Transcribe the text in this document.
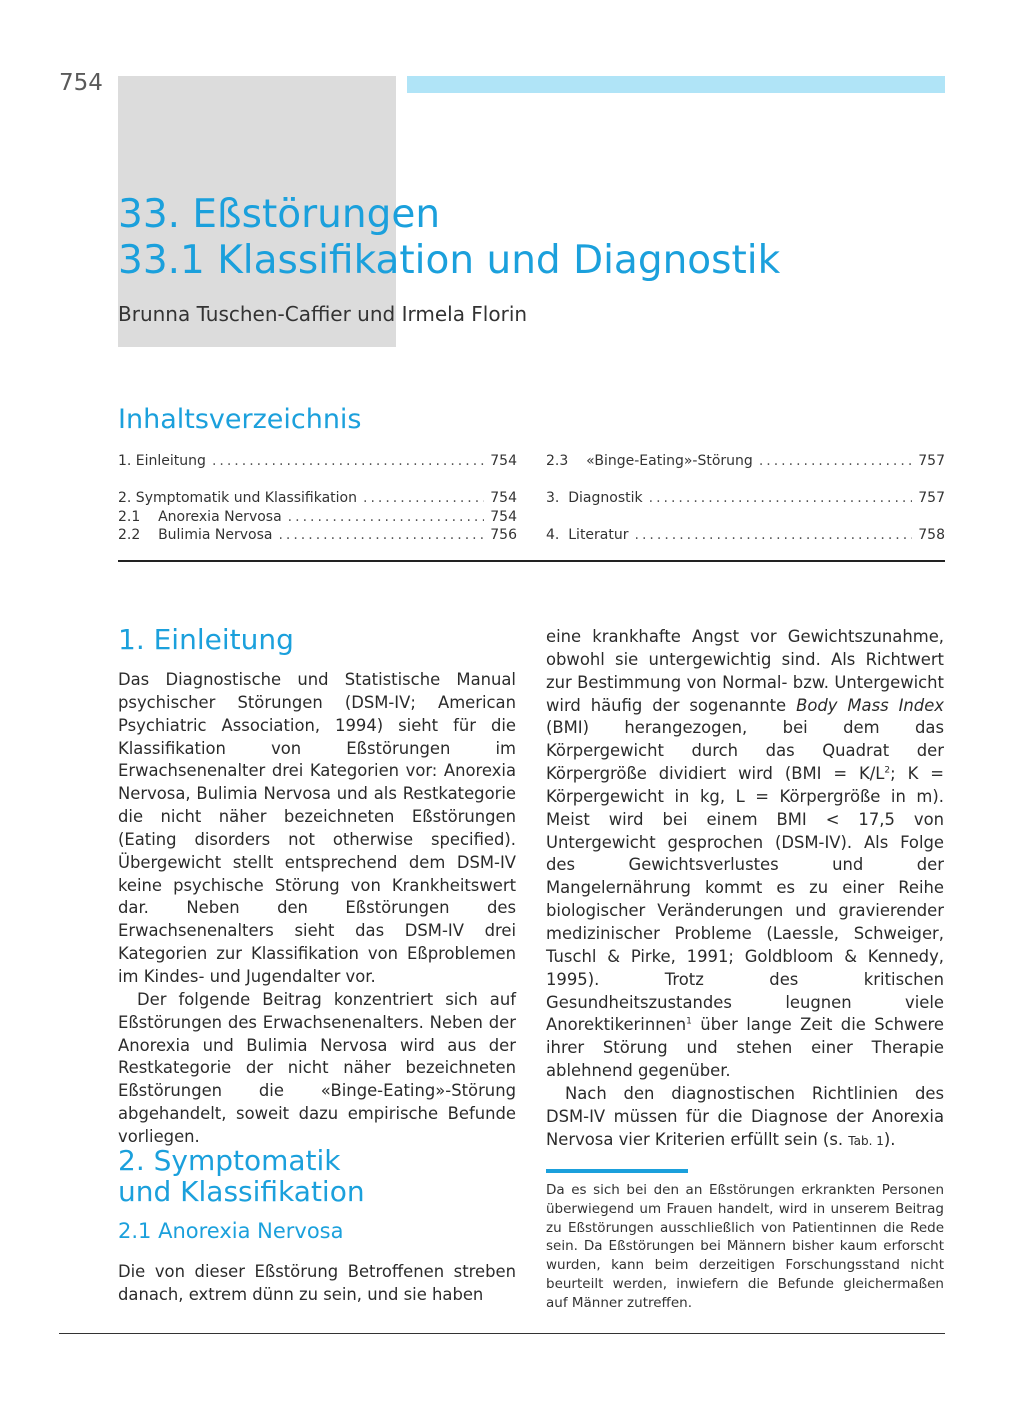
754
33. Eßstörungen
33.1 Klassifikation und Diagnostik
Brunna Tuschen-Caffier und Irmela Florin
Inhaltsverzeichnis
1. Einleitung .....	754
2. Symptomatik und Klassifikation .....	754
2.1    Anorexia Nervosa .....	754
2.2    Bulimia Nervosa .....	756
2.3    «Binge-Eating»-Störung .....	757
3.  Diagnostik .....	757
4.  Literatur .....	758
1. Einleitung

Das Diagnostische und Statistische Manual psychischer Störungen (DSM-IV; American Psychiatric Association, 1994) sieht für die Klassifikation von Eßstörungen im Erwachsenenalter drei Kategorien vor: Anorexia Nervosa, Bulimia Nervosa und als Restkategorie die nicht näher bezeichneten Eßstörungen (Eating disorders not otherwise specified). Übergewicht stellt entsprechend dem DSM-IV keine psychische Störung von Krankheitswert dar. Neben den Eßstörungen des Erwachsenenalters sieht das DSM-IV drei Kategorien zur Klassifikation von Eßproblemen im Kindes- und Jugendalter vor.

Der folgende Beitrag konzentriert sich auf Eßstörungen des Erwachsenenalters. Neben der Anorexia und Bulimia Nervosa wird aus der Restkategorie der nicht näher bezeichneten Eßstörungen die «Binge-Eating»-Störung abgehandelt, soweit dazu empirische Befunde vorliegen.

2. Symptomatik
und Klassifikation
2.1 Anorexia Nervosa

Die von dieser Eßstörung Betroffenen streben danach, extrem dünn zu sein, und sie haben

eine krankhafte Angst vor Gewichtszunahme, obwohl sie untergewichtig sind. Als Richtwert zur Bestimmung von Normal- bzw. Untergewicht wird häufig der sogenannte Body Mass Index (BMI) herangezogen, bei dem das Körpergewicht durch das Quadrat der Körpergröße dividiert wird ($BMI = K/L^2$; K = Körpergewicht in kg, L = Körpergröße in m). Meist wird bei einem BMI < 17,5 von Untergewicht gesprochen (DSM-IV). Als Folge des Gewichtsverlustes und der Mangelernährung kommt es zu einer Reihe biologischer Veränderungen und gravierender medizinischer Probleme (Laessle, Schweiger, Tuschl & Pirke, 1991; Goldbloom & Kennedy, 1995). Trotz des kritischen Gesundheitszustandes leugnen viele Anorektikerinnen$^1$ über lange Zeit die Schwere ihrer Störung und stehen einer Therapie ablehnend gegenüber.

Nach den diagnostischen Richtlinien des DSM-IV müssen für die Diagnose der Anorexia Nervosa vier Kriterien erfüllt sein (s. Tab. 1).

Da es sich bei den an Eßstörungen erkrankten Personen überwiegend um Frauen handelt, wird in unserem Beitrag zu Eßstörungen ausschließlich von Patientinnen die Rede sein. Da Eßstörungen bei Männern bisher kaum erforscht wurden, kann beim derzeitigen Forschungsstand nicht beurteilt werden, inwiefern die Befunde gleichermaßen auf Männer zutreffen.
